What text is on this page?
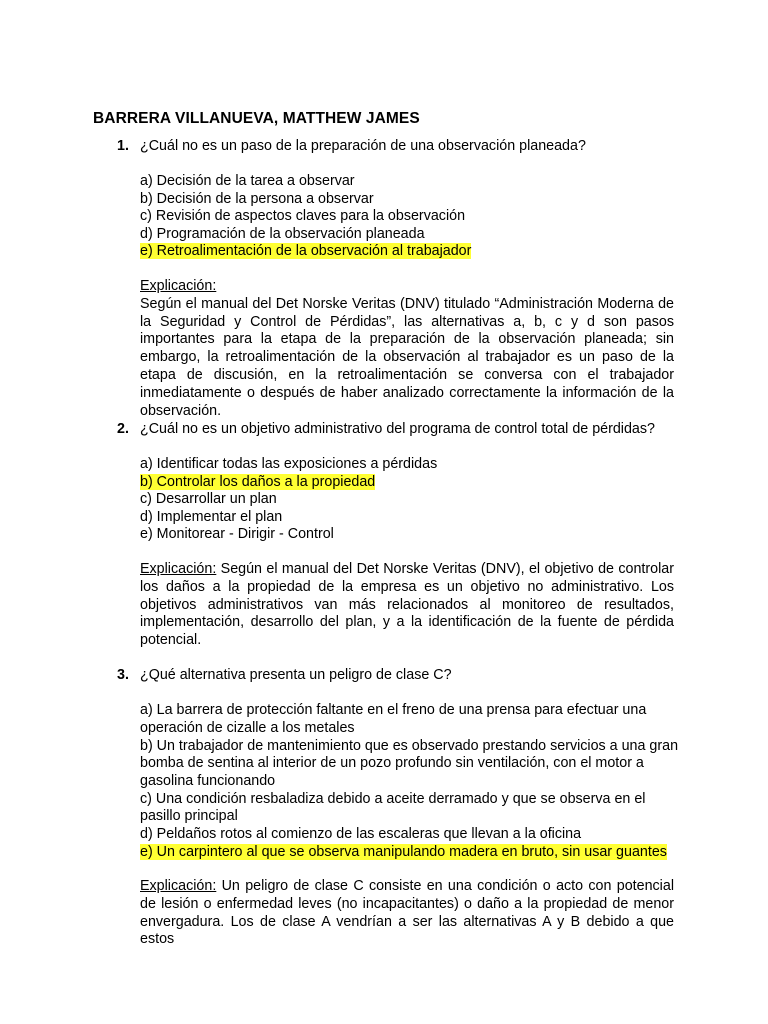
BARRERA VILLANUEVA, MATTHEW JAMES
1. ¿Cuál no es un paso de la preparación de una observación planeada?
a) Decisión de la tarea a observar
b) Decisión de la persona a observar
c) Revisión de aspectos claves para la observación
d) Programación de la observación planeada
e) Retroalimentación de la observación al trabajador
Explicación:
Según el manual del Det Norske Veritas (DNV) titulado “Administración Moderna de la Seguridad y Control de Pérdidas”, las alternativas a, b, c y d son pasos importantes para la etapa de la preparación de la observación planeada; sin embargo, la retroalimentación de la observación al trabajador es un paso de la etapa de discusión, en la retroalimentación se conversa con el trabajador inmediatamente o después de haber analizado correctamente la información de la observación.
2. ¿Cuál no es un objetivo administrativo del programa de control total de pérdidas?
a) Identificar todas las exposiciones a pérdidas
b) Controlar los daños a la propiedad
c) Desarrollar un plan
d) Implementar el plan
e) Monitorear - Dirigir - Control
Explicación: Según el manual del Det Norske Veritas (DNV), el objetivo de controlar los daños a la propiedad de la empresa es un objetivo no administrativo. Los objetivos administrativos van más relacionados al monitoreo de resultados, implementación, desarrollo del plan, y a la identificación de la fuente de pérdida potencial.
3. ¿Qué alternativa presenta un peligro de clase C?
a) La barrera de protección faltante en el freno de una prensa para efectuar una operación de cizalle a los metales
b) Un trabajador de mantenimiento que es observado prestando servicios a una gran bomba de sentina al interior de un pozo profundo sin ventilación, con el motor a gasolina funcionando
c) Una condición resbaladiza debido a aceite derramado y que se observa en el pasillo principal
d) Peldaños rotos al comienzo de las escaleras que llevan a la oficina
e) Un carpintero al que se observa manipulando madera en bruto, sin usar guantes
Explicación: Un peligro de clase C consiste en una condición o acto con potencial de lesión o enfermedad leves (no incapacitantes) o daño a la propiedad de menor envergadura. Los de clase A vendrían a ser las alternativas A y B debido a que estos
